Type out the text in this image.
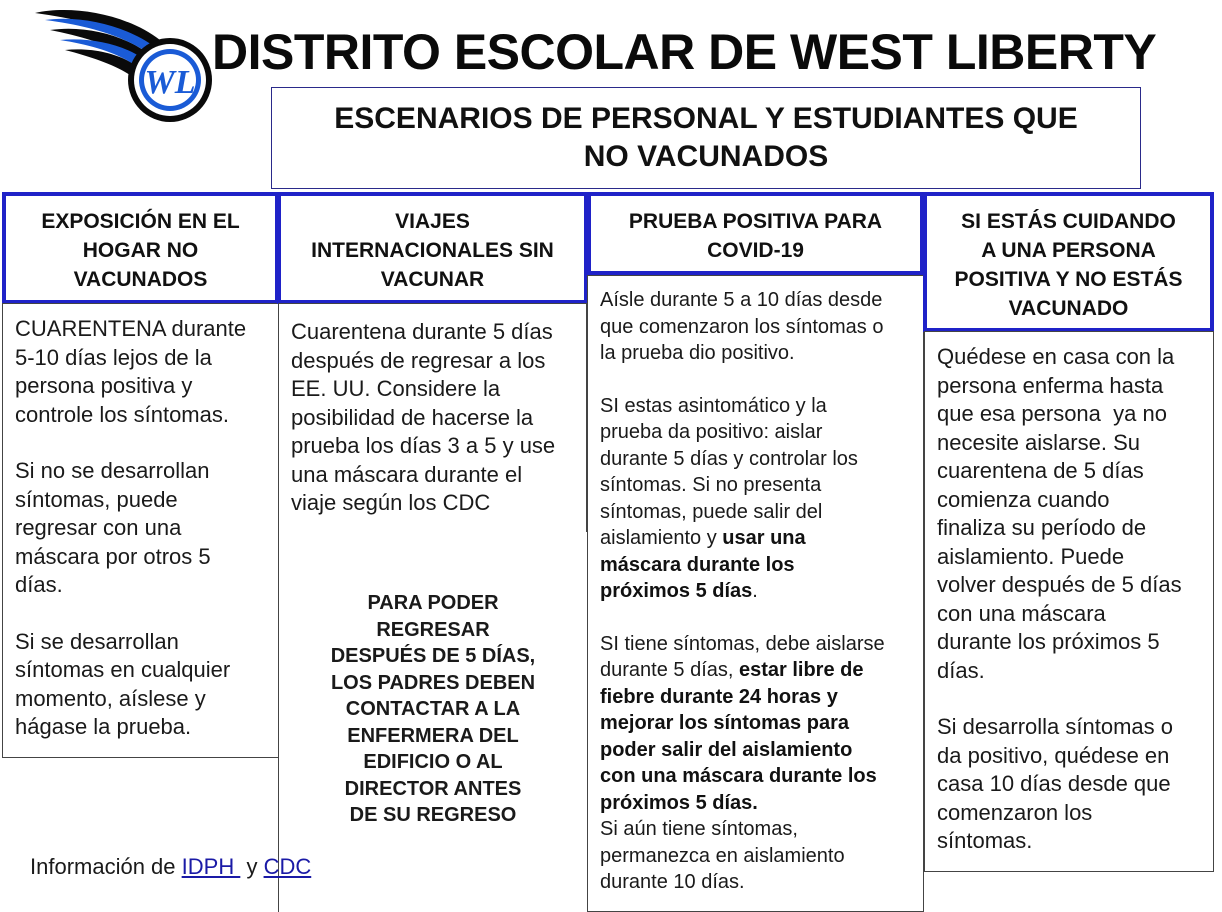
WL
DISTRITO ESCOLAR DE WEST LIBERTY
ESCENARIOS DE PERSONAL Y ESTUDIANTES QUE
NO VACUNADOS
EXPOSICIÓN EN EL
HOGAR NO
VACUNADOS

CUARENTENA durante

5-10 días lejos de la

persona positiva y

controle los síntomas.

Si no se desarrollan

síntomas, puede

regresar con una

máscara por otros 5

días.

Si se desarrollan

síntomas en cualquier

momento, aíslese y

hágase la prueba.

VIAJES
INTERNACIONALES SIN
VACUNAR

Cuarentena durante 5 días

después de regresar a los

EE. UU. Considere la

posibilidad de hacerse la

prueba los días 3 a 5 y use

una máscara durante el

viaje según los CDC

PARA PODER
REGRESAR
DESPUÉS DE 5 DÍAS,
LOS PADRES DEBEN
CONTACTAR A LA
ENFERMERA DEL
EDIFICIO O AL
DIRECTOR ANTES
DE SU REGRESO
PRUEBA POSITIVA PARA
COVID-19

Aísle durante 5 a 10 días desde

que comenzaron los síntomas o

la prueba dio positivo.

SI estas asintomático y la

prueba da positivo: aislar

durante 5 días y controlar los

síntomas. Si no presenta

síntomas, puede salir del

aislamiento y usar una

máscara durante los

próximos 5 días.

SI tiene síntomas, debe aislarse

durante 5 días, estar libre de

fiebre durante 24 horas y

mejorar los síntomas para

poder salir del aislamiento

con una máscara durante los

próximos 5 días.

Si aún tiene síntomas,

permanezca en aislamiento

durante 10 días.

SI ESTÁS CUIDANDO
A UNA PERSONA
POSITIVA Y NO ESTÁS
VACUNADO

Quédese en casa con la

persona enferma hasta

que esa persona  ya no

necesite aislarse. Su

cuarentena de 5 días

comienza cuando

finaliza su período de

aislamiento. Puede

volver después de 5 días

con una máscara

durante los próximos 5

días.

Si desarrolla síntomas o

da positivo, quédese en

casa 10 días desde que

comenzaron los

síntomas.

Información de IDPH  y CDC
